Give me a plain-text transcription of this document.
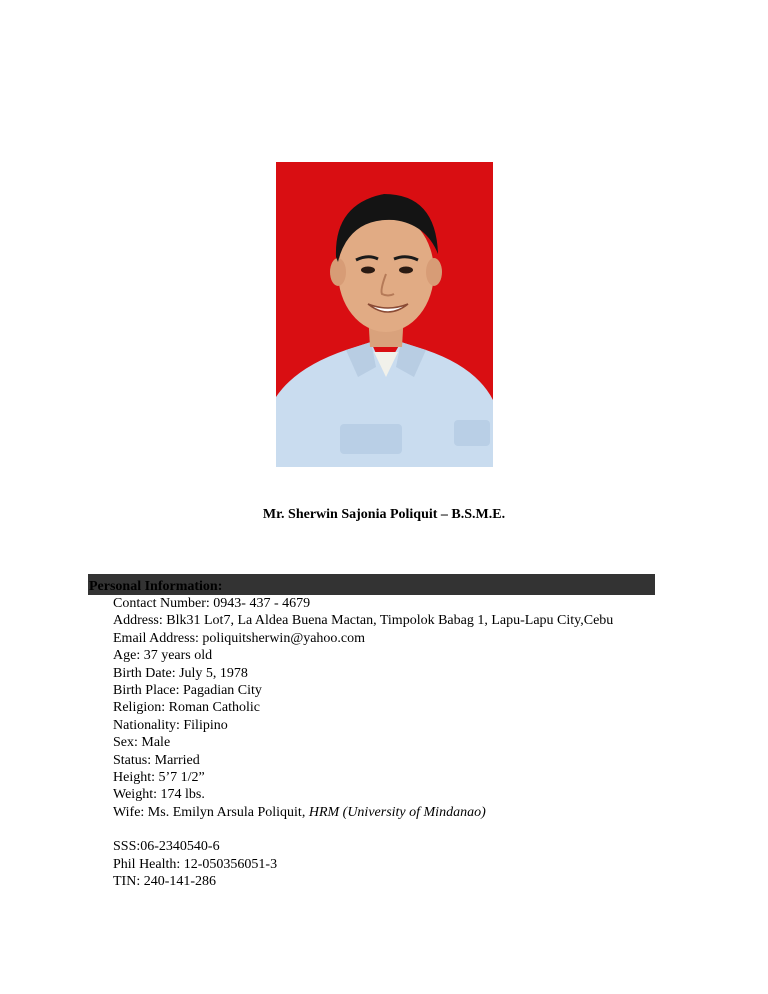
Mr. Sherwin Sajonia Poliquit – B.S.M.E.
Personal Information:
Contact Number: 0943- 437 - 4679
Address: Blk31 Lot7, La Aldea Buena Mactan, Timpolok Babag 1, Lapu-Lapu City,Cebu
Email Address: poliquitsherwin@yahoo.com
Age: 37 years old
Birth Date: July 5, 1978
Birth Place: Pagadian City
Religion: Roman Catholic
Nationality: Filipino
Sex: Male
Status: Married
Height: 5’7 1/2”
Weight: 174 lbs.
Wife: Ms. Emilyn Arsula Poliquit, HRM (University of Mindanao)
SSS:06-2340540-6
Phil Health: 12-050356051-3
TIN: 240-141-286
